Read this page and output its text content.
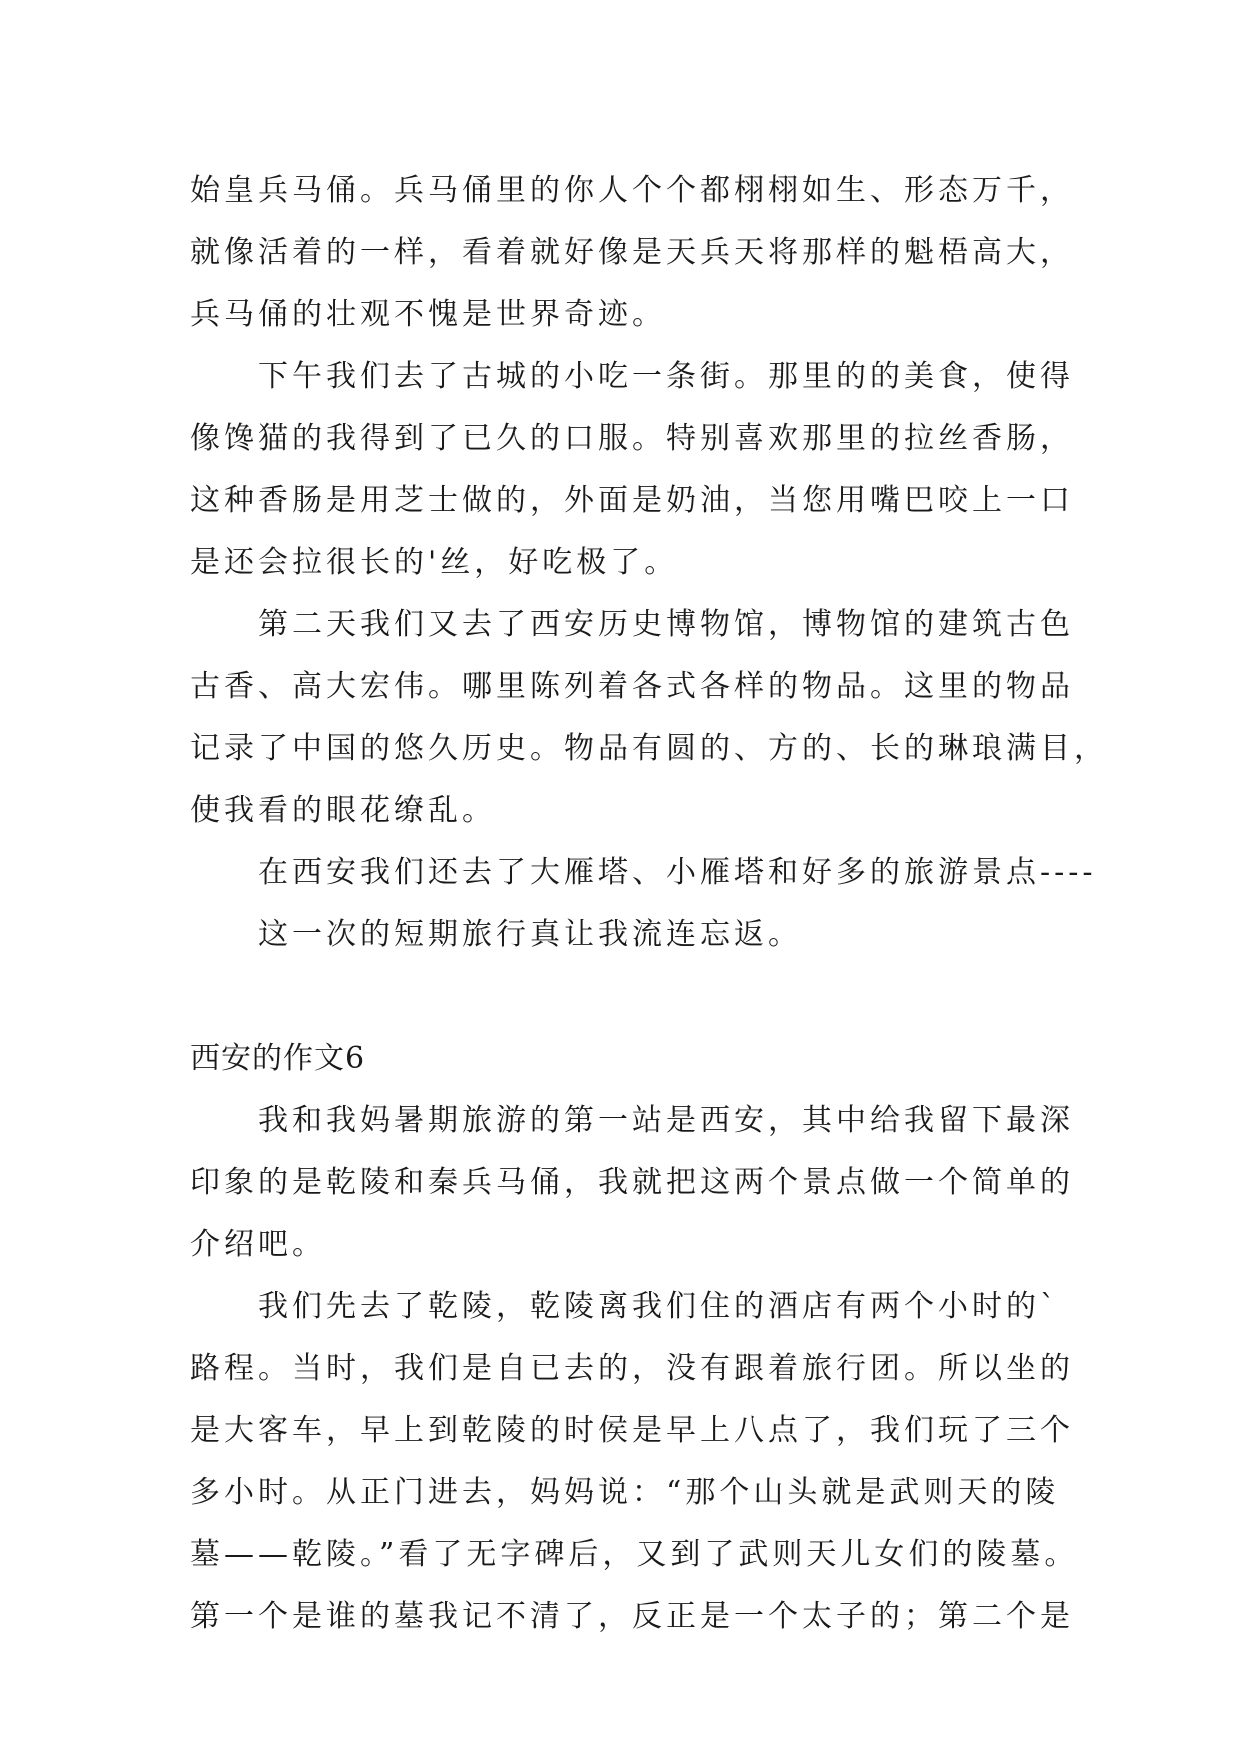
始皇兵马俑。兵马俑里的你人个个都栩栩如生、形态万千，
就像活着的一样，看着就好像是天兵天将那样的魁梧高大，
兵马俑的壮观不愧是世界奇迹。
下午我们去了古城的小吃一条街。那里的的美食，使得
像馋猫的我得到了已久的口服。特别喜欢那里的拉丝香肠，
这种香肠是用芝士做的，外面是奶油，当您用嘴巴咬上一口
是还会拉很长的'丝，好吃极了。
第二天我们又去了西安历史博物馆，博物馆的建筑古色
古香、高大宏伟。哪里陈列着各式各样的物品。这里的物品
记录了中国的悠久历史。物品有圆的、方的、长的琳琅满目，
使我看的眼花缭乱。
在西安我们还去了大雁塔、小雁塔和好多的旅游景点----
这一次的短期旅行真让我流连忘返。
西安的作文6
我和我妈暑期旅游的第一站是西安，其中给我留下最深
印象的是乾陵和秦兵马俑，我就把这两个景点做一个简单的
介绍吧。
我们先去了乾陵，乾陵离我们住的酒店有两个小时的`
路程。当时，我们是自已去的，没有跟着旅行团。所以坐的
是大客车，早上到乾陵的时侯是早上八点了，我们玩了三个
多小时。从正门进去，妈妈说：“那个山头就是武则天的陵
墓——乾陵。”看了无字碑后，又到了武则天儿女们的陵墓。
第一个是谁的墓我记不清了，反正是一个太子的；第二个是
